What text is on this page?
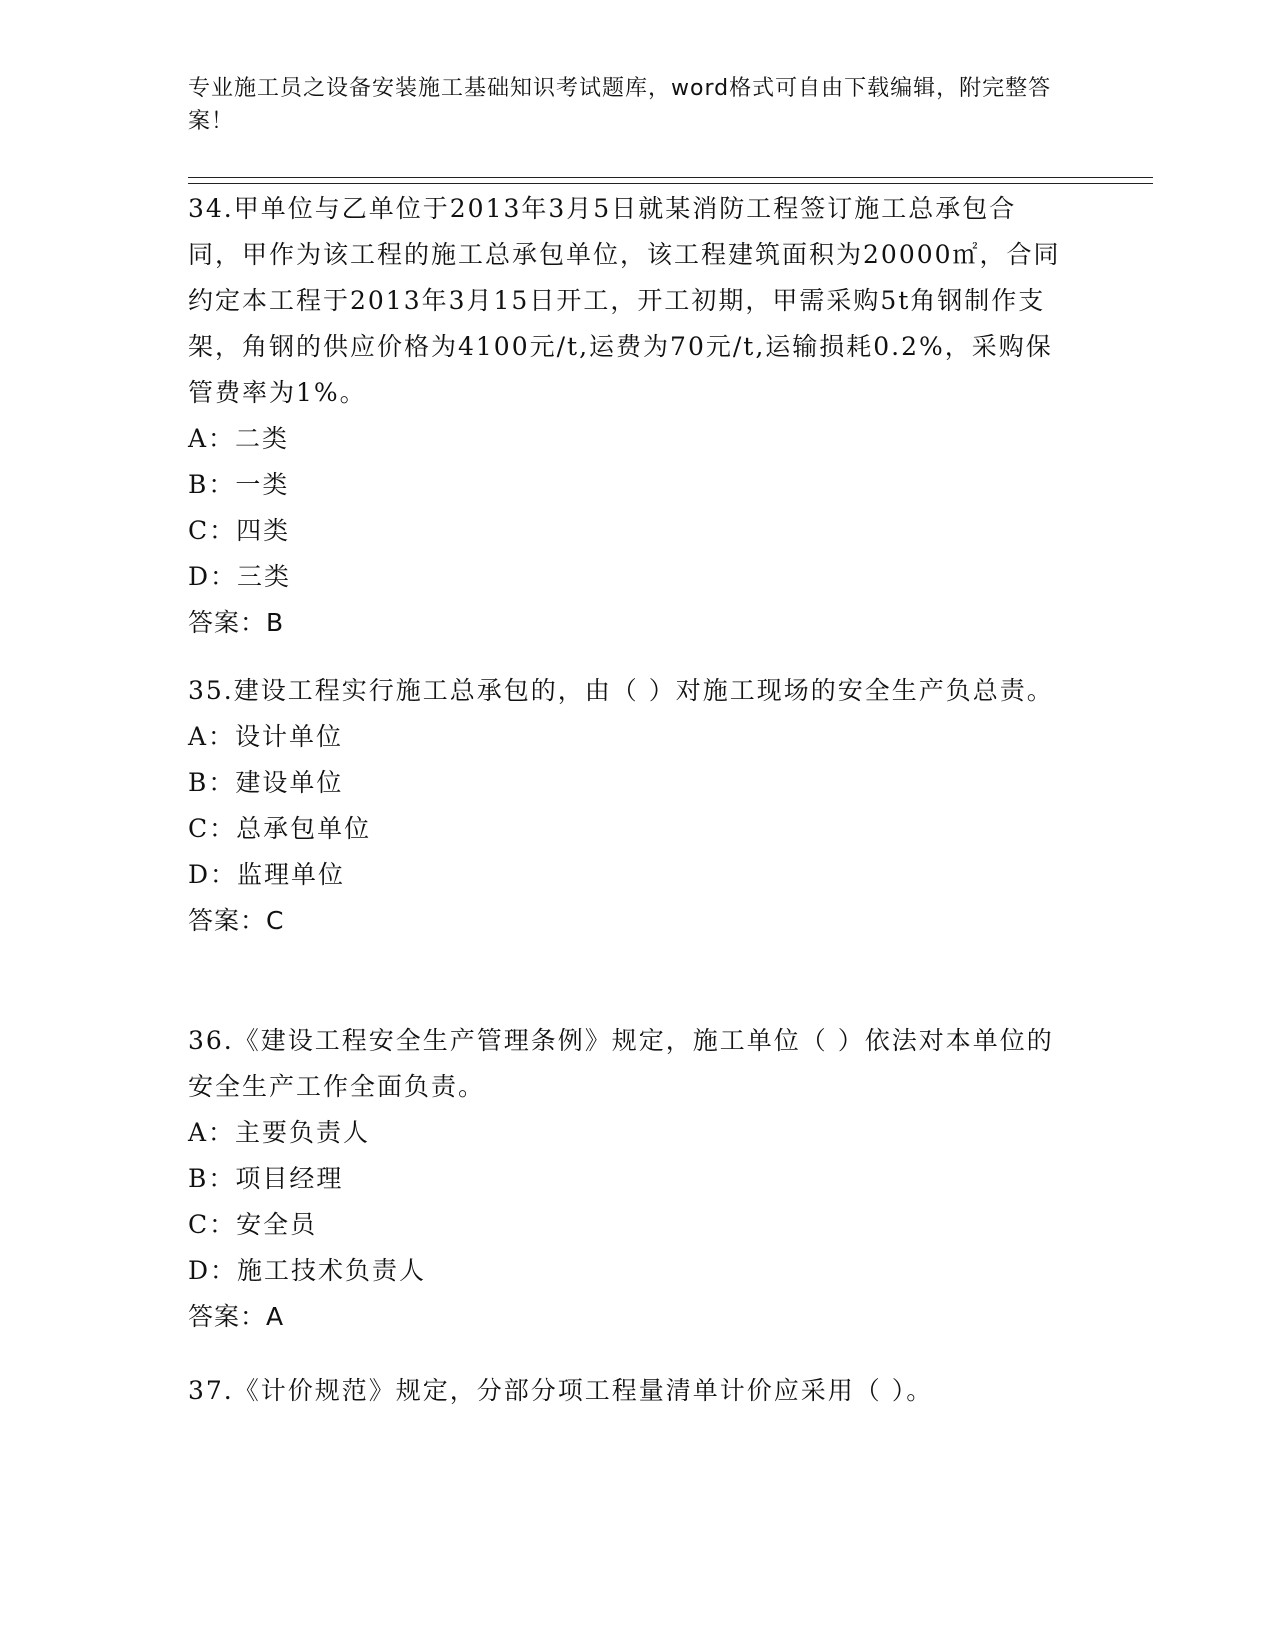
专业施工员之设备安装施工基础知识考试题库，word格式可自由下载编辑，附完整答案！

34.甲单位与乙单位于2013年3月5日就某消防工程签订施工总承包合同，甲作为该工程的施工总承包单位，该工程建筑面积为20000㎡，合同约定本工程于2013年3月15日开工，开工初期，甲需采购5t角钢制作支架，角钢的供应价格为4100元/t,运费为70元/t,运输损耗0.2%，采购保管费率为1%。

A：二类

B：一类

C：四类

D：三类

答案：B

35.建设工程实行施工总承包的，由（ ）对施工现场的安全生产负总责。

A：设计单位

B：建设单位

C：总承包单位

D：监理单位

答案：C

36.《建设工程安全生产管理条例》规定，施工单位（ ）依法对本单位的安全生产工作全面负责。

A：主要负责人

B：项目经理

C：安全员

D：施工技术负责人

答案：A

37.《计价规范》规定，分部分项工程量清单计价应采用（ ）。
